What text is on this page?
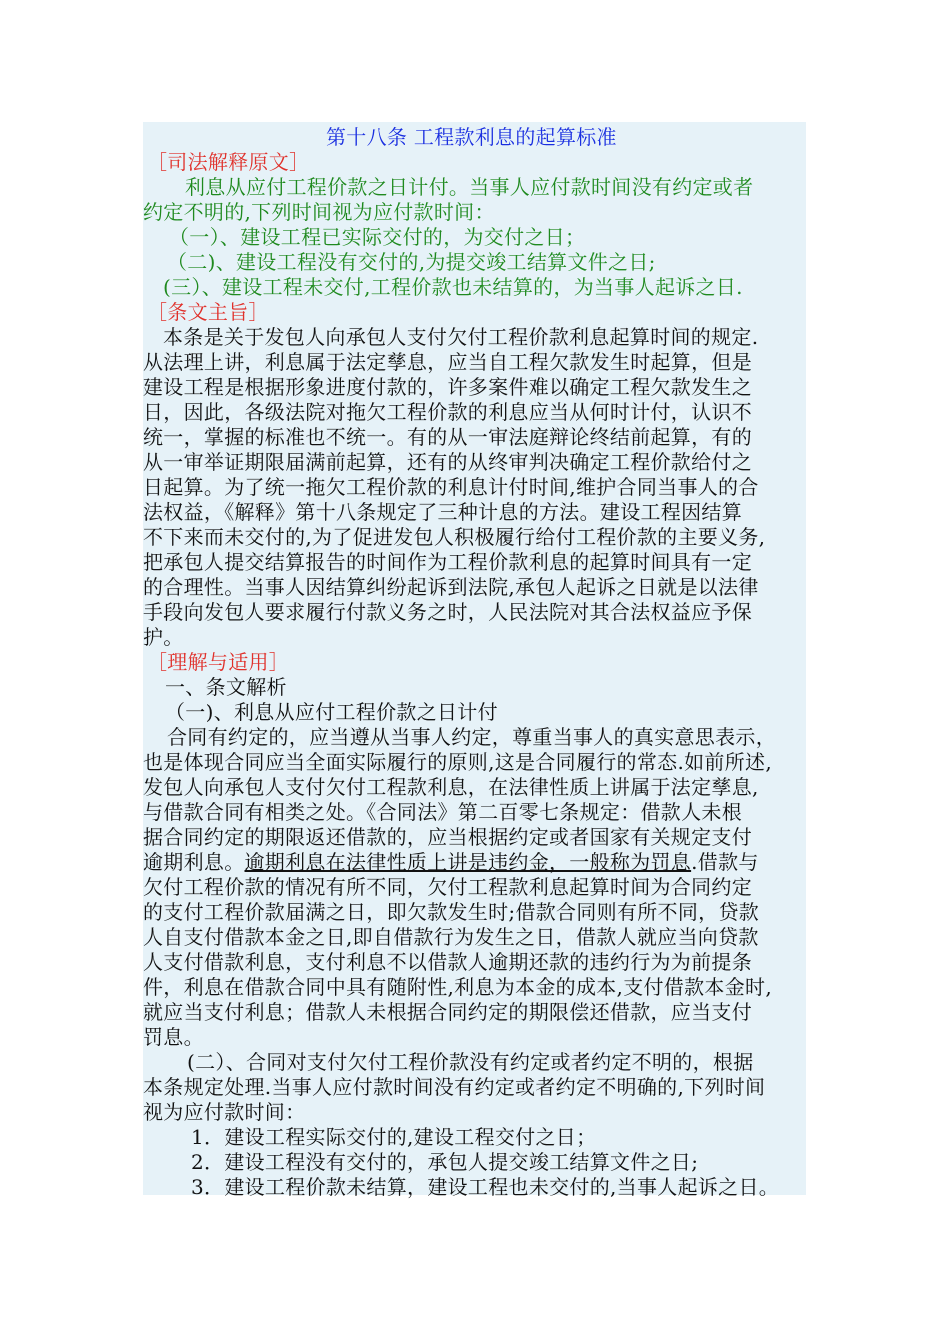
第十八条 工程款利息的起算标准
［司法解释原文］
利息从应付工程价款之日计付。当事人应付款时间没有约定或者
约定不明的,下列时间视为应付款时间：
（一）、建设工程已实际交付的，为交付之日；
（二)、建设工程没有交付的,为提交竣工结算文件之日;
(三）、建设工程未交付,工程价款也未结算的，为当事人起诉之日.
［条文主旨］
本条是关于发包人向承包人支付欠付工程价款利息起算时间的规定.
从法理上讲，利息属于法定孳息，应当自工程欠款发生时起算，但是
建设工程是根据形象进度付款的，许多案件难以确定工程欠款发生之
日，因此，各级法院对拖欠工程价款的利息应当从何时计付，认识不
统一，掌握的标准也不统一。有的从一审法庭辩论终结前起算，有的
从一审举证期限届满前起算，还有的从终审判决确定工程价款给付之
日起算。为了统一拖欠工程价款的利息计付时间,维护合同当事人的合
法权益，《解释》第十八条规定了三种计息的方法。建设工程因结算
不下来而未交付的,为了促进发包人积极履行给付工程价款的主要义务,
把承包人提交结算报告的时间作为工程价款利息的起算时间具有一定
的合理性。当事人因结算纠纷起诉到法院,承包人起诉之日就是以法律
手段向发包人要求履行付款义务之时，人民法院对其合法权益应予保
护。
［理解与适用］
一、条文解析
（一)、利息从应付工程价款之日计付
合同有约定的，应当遵从当事人约定，尊重当事人的真实意思表示，
也是体现合同应当全面实际履行的原则,这是合同履行的常态.如前所述,
发包人向承包人支付欠付工程款利息，在法律性质上讲属于法定孳息,
与借款合同有相类之处。《合同法》第二百零七条规定：借款人未根
据合同约定的期限返还借款的，应当根据约定或者国家有关规定支付
逾期利息。逾期利息在法律性质上讲是违约金，一般称为罚息.借款与
欠付工程价款的情况有所不同，欠付工程款利息起算时间为合同约定
的支付工程价款届满之日，即欠款发生时;借款合同则有所不同，贷款
人自支付借款本金之日,即自借款行为发生之日，借款人就应当向贷款
人支付借款利息，支付利息不以借款人逾期还款的违约行为为前提条
件，利息在借款合同中具有随附性,利息为本金的成本,支付借款本金时,
就应当支付利息；借款人未根据合同约定的期限偿还借款，应当支付
罚息。
(二）、合同对支付欠付工程价款没有约定或者约定不明的，根据
本条规定处理.当事人应付款时间没有约定或者约定不明确的,下列时间
视为应付款时间：
1．建设工程实际交付的,建设工程交付之日；
2．建设工程没有交付的，承包人提交竣工结算文件之日;
3．建设工程价款未结算，建设工程也未交付的,当事人起诉之日。
